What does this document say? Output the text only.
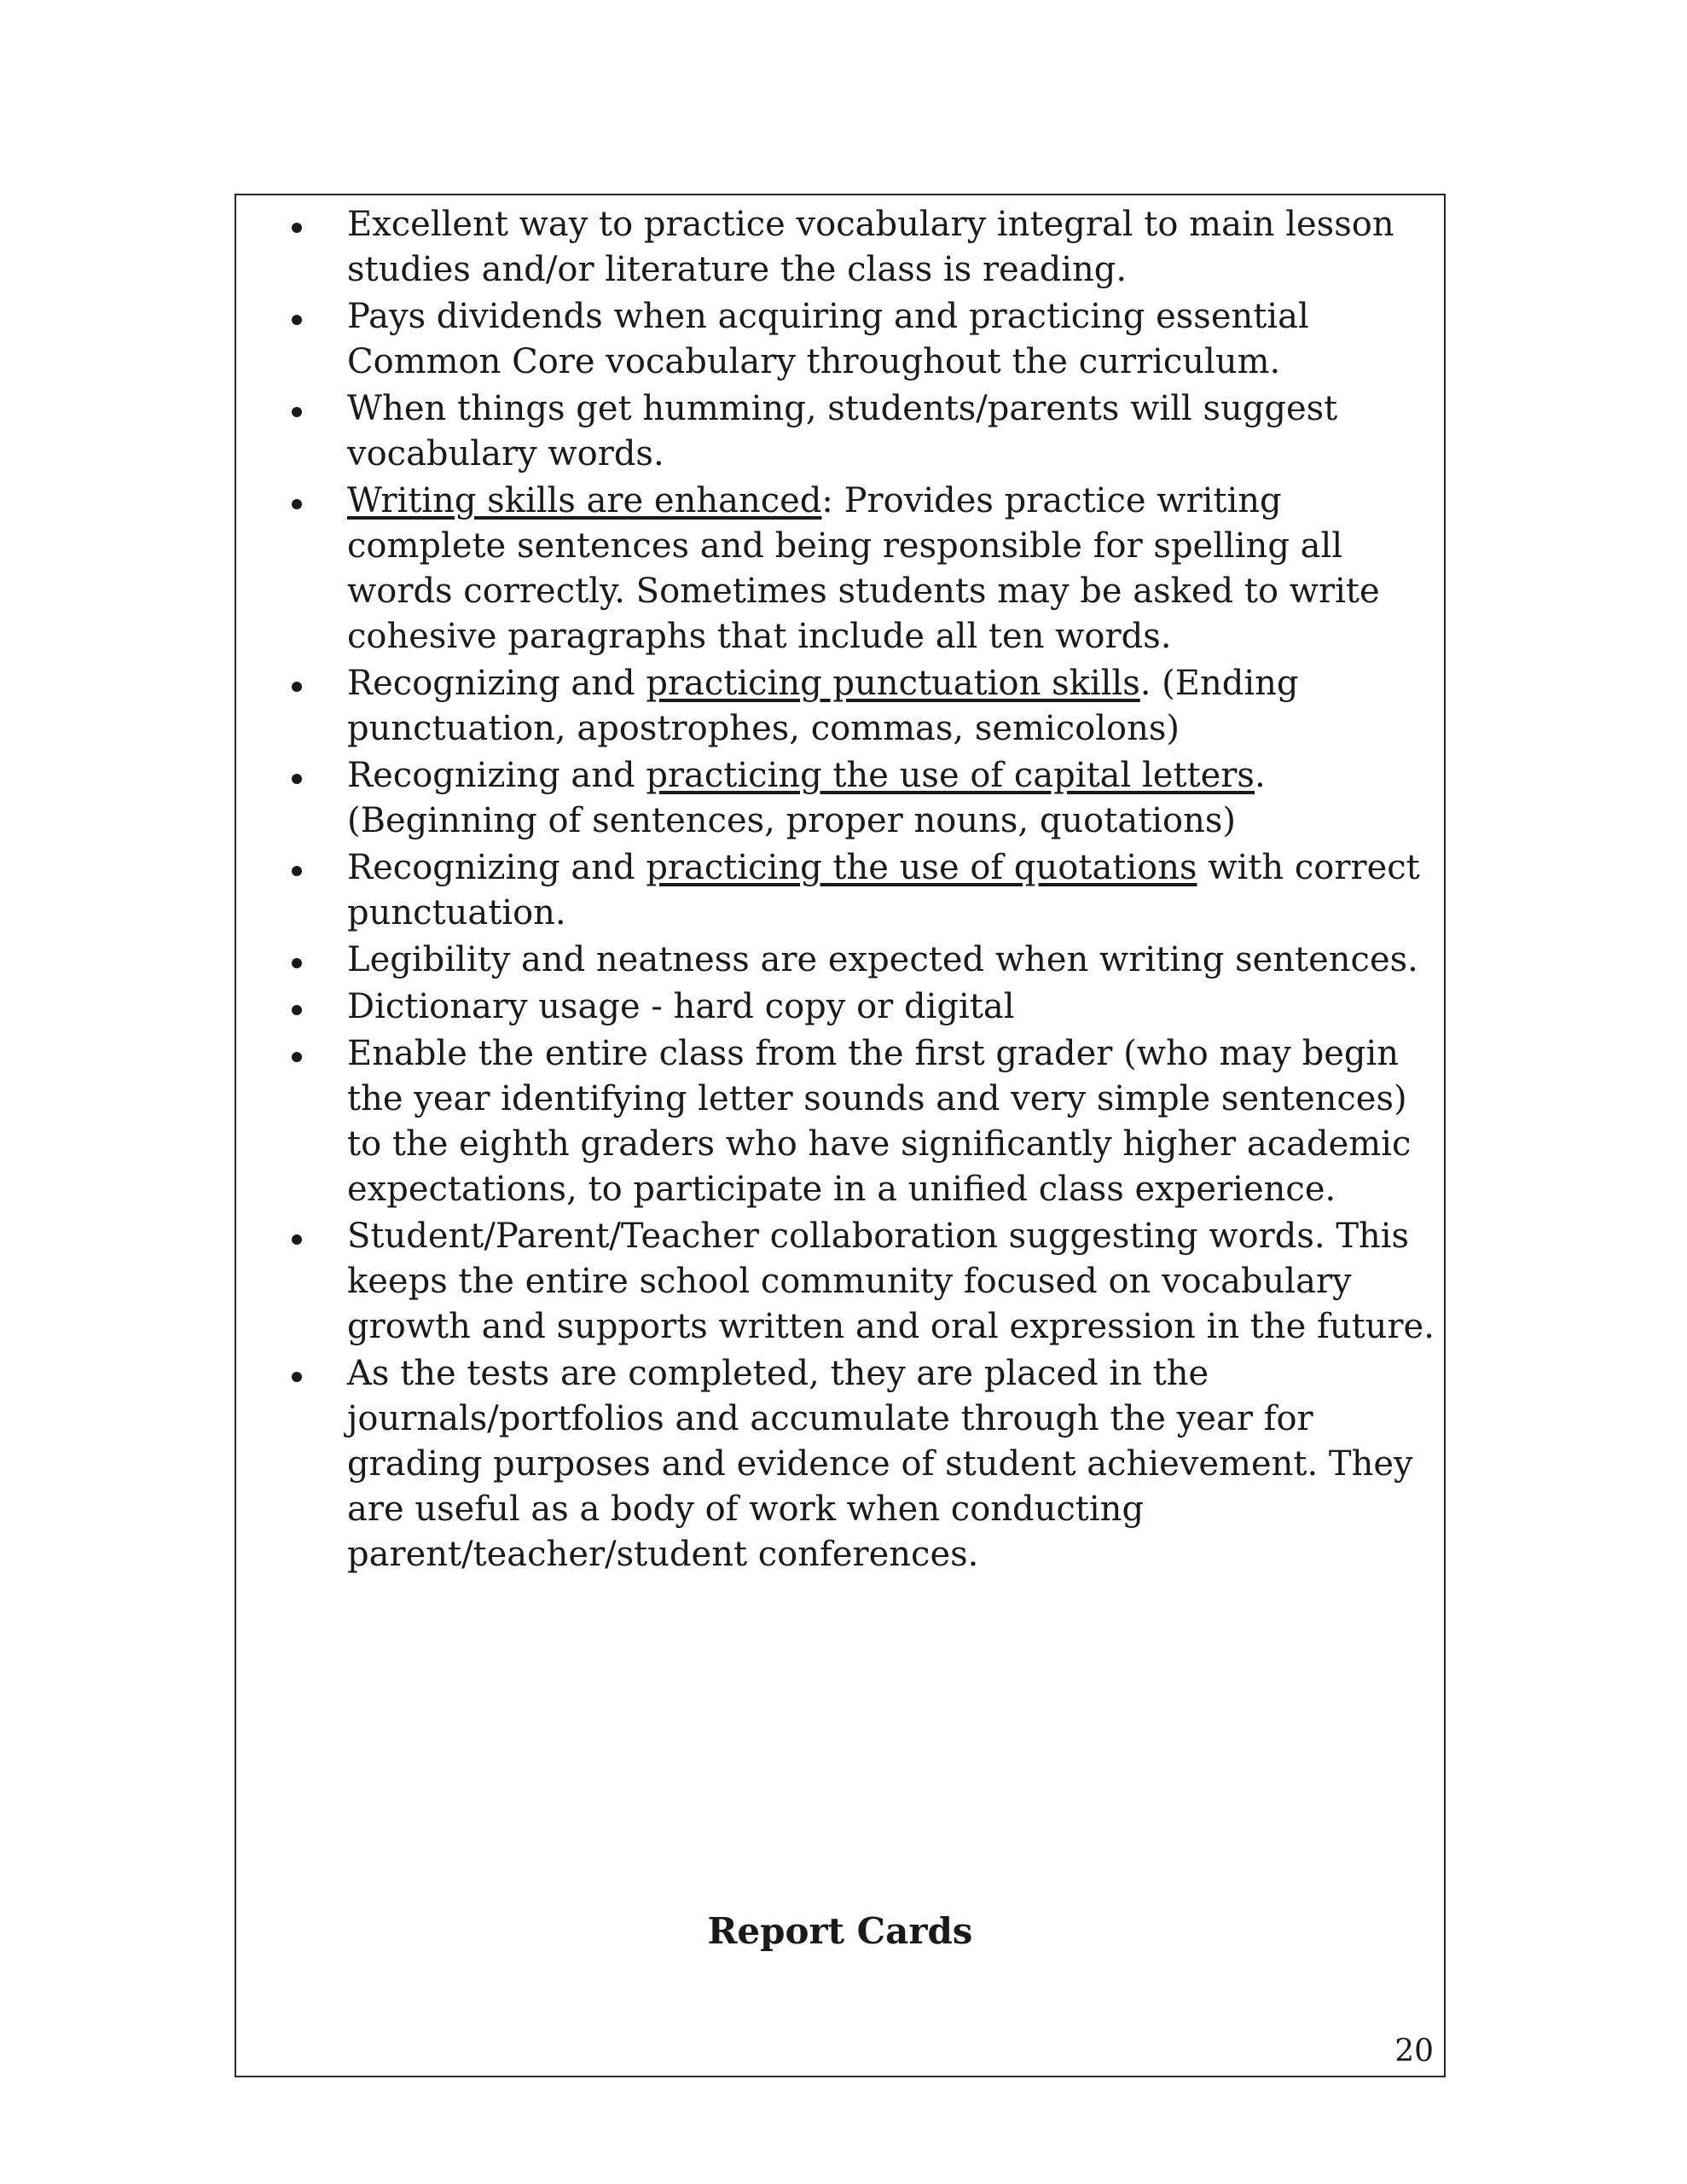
Excellent way to practice vocabulary integral to main lesson studies and/or literature the class is reading.
Pays dividends when acquiring and practicing essential Common Core vocabulary throughout the curriculum.
When things get humming, students/parents will suggest vocabulary words.
Writing skills are enhanced: Provides practice writing complete sentences and being responsible for spelling all words correctly. Sometimes students may be asked to write cohesive paragraphs that include all ten words.
Recognizing and practicing punctuation skills. (Ending punctuation, apostrophes, commas, semicolons)
Recognizing and practicing the use of capital letters. (Beginning of sentences, proper nouns, quotations)
Recognizing and practicing the use of quotations with correct punctuation.
Legibility and neatness are expected when writing sentences.
Dictionary usage - hard copy or digital
Enable the entire class from the first grader (who may begin the year identifying letter sounds and very simple sentences) to the eighth graders who have significantly higher academic expectations, to participate in a unified class experience.
Student/Parent/Teacher collaboration suggesting words. This keeps the entire school community focused on vocabulary growth and supports written and oral expression in the future.
As the tests are completed, they are placed in the journals/portfolios and accumulate through the year for grading purposes and evidence of student achievement. They are useful as a body of work when conducting parent/teacher/student conferences.
Report Cards
20
